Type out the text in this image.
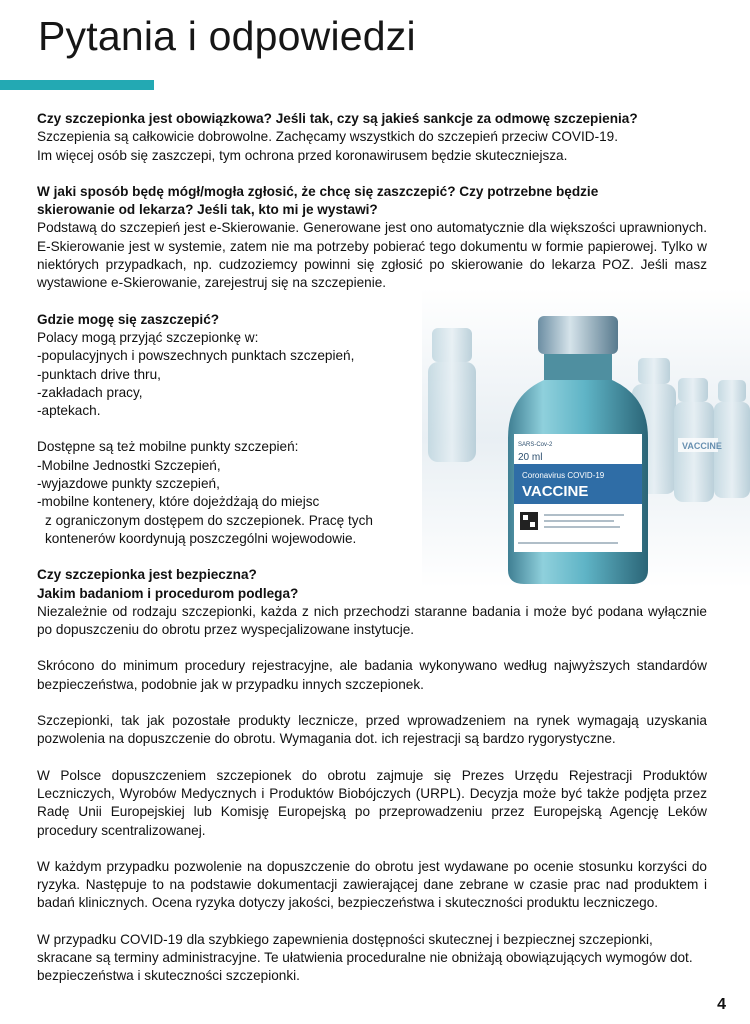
Pytania i odpowiedzi
VACCINE
SARS-Cov-2
20 ml
Coronavirus COVID-19
VACCINE

Czy szczepionka jest obowiązkowa? Jeśli tak, czy są jakieś sankcje za odmowę szczepienia?

Szczepienia są całkowicie dobrowolne. Zachęcamy wszystkich do szczepień przeciw COVID-19.

Im więcej osób się zaszczepi, tym ochrona przed koronawirusem będzie skuteczniejsza.

W jaki sposób będę mógł/mogła zgłosić, że chcę się zaszczepić? Czy potrzebne będzie

skierowanie od lekarza? Jeśli tak, kto mi je wystawi?

Podstawą do szczepień jest e-Skierowanie. Generowane jest ono automatycznie dla większości uprawnionych. E-Skierowanie jest w systemie, zatem nie ma potrzeby pobierać tego dokumentu w formie papierowej. Tylko w niektórych przypadkach, np. cudzoziemcy powinni się zgłosić po skierowanie do lekarza POZ. Jeśli masz wystawione e-Skierowanie, zarejestruj się na szczepienie.

Gdzie mogę się zaszczepić?

Polacy mogą przyjąć szczepionkę w:

-populacyjnych i powszechnych punktach szczepień,

-punktach drive thru,

-zakładach pracy,

-aptekach.

Dostępne są też mobilne punkty szczepień:

-Mobilne Jednostki Szczepień,

-wyjazdowe punkty szczepień,

-mobilne kontenery, które dojeżdżają do miejsc

z ograniczonym dostępem do szczepionek. Pracę tych

kontenerów koordynują poszczególni wojewodowie.

Czy szczepionka jest bezpieczna?

Jakim badaniom i procedurom podlega?

Niezależnie od rodzaju szczepionki, każda z nich przechodzi staranne badania i może być podana wyłącznie po dopuszczeniu do obrotu przez wyspecjalizowane instytucje.

Skrócono do minimum procedury rejestracyjne, ale badania wykonywano według najwyższych standardów bezpieczeństwa, podobnie jak w przypadku innych szczepionek.

Szczepionki, tak jak pozostałe produkty lecznicze, przed wprowadzeniem na rynek wymagają uzyskania pozwolenia na dopuszczenie do obrotu. Wymagania dot. ich rejestracji są bardzo rygorystyczne.

W Polsce dopuszczeniem szczepionek do obrotu zajmuje się Prezes Urzędu Rejestracji Produktów Leczniczych, Wyrobów Medycznych i Produktów Biobójczych (URPL). Decyzja może być także podjęta przez Radę Unii Europejskiej lub Komisję Europejską po przeprowadzeniu przez Europejską Agencję Leków procedury scentralizowanej.

W każdym przypadku pozwolenie na dopuszczenie do obrotu jest wydawane po ocenie stosunku korzyści do ryzyka. Następuje to na podstawie dokumentacji zawierającej dane zebrane w czasie prac nad produktem i badań klinicznych. Ocena ryzyka dotyczy jakości, bezpieczeństwa i skuteczności produktu leczniczego.

W przypadku COVID-19 dla szybkiego zapewnienia dostępności skutecznej i bezpiecznej szczepionki, skracane są terminy administracyjne. Te ułatwienia proceduralne nie obniżają obowiązujących wymogów dot. bezpieczeństwa i skuteczności szczepionki.

4
